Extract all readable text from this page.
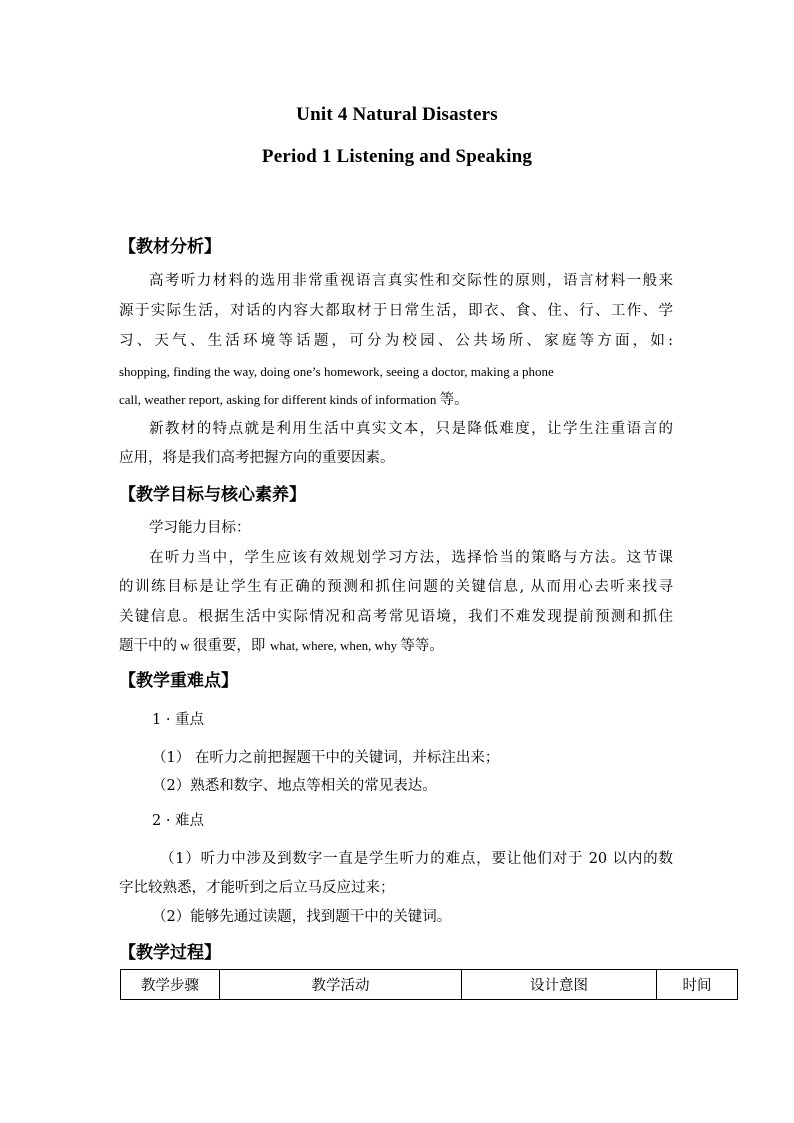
Unit 4 Natural Disasters
Period 1 Listening and Speaking
【教材分析】
高考听力材料的选用非常重视语言真实性和交际性的原则，语言材料一般来
源于实际生活，对话的内容大都取材于日常生活，即衣、食、住、行、工作、学
习、天气、生活环境等话题，可分为校园、公共场所、家庭等方面，如:
shopping, finding the way, doing one’s homework, seeing a doctor, making a phone
call, weather report, asking for different kinds of information 等。
新教材的特点就是利用生活中真实文本，只是降低难度，让学生注重语言的
应用，将是我们高考把握方向的重要因素。
【教学目标与核心素养】
学习能力目标：
在听力当中，学生应该有效规划学习方法，选择恰当的策略与方法。这节课
的训练目标是让学生有正确的预测和抓住问题的关键信息, 从而用心去听来找寻
关键信息。根据生活中实际情况和高考常见语境，我们不难发现提前预测和抓住
题干中的 w 很重要，即 what, where, when, why 等等。
【教学重难点】
1 · 重点
（1） 在听力之前把握题干中的关键词，并标注出来；
（2）熟悉和数字、地点等相关的常见表达。
2 · 难点
（1）听力中涉及到数字一直是学生听力的难点，要让他们对于 20 以内的数
字比较熟悉，才能听到之后立马反应过来；
（2）能够先通过读题，找到题干中的关键词。
【教学过程】
教学步骤	教学活动	设计意图	时间
